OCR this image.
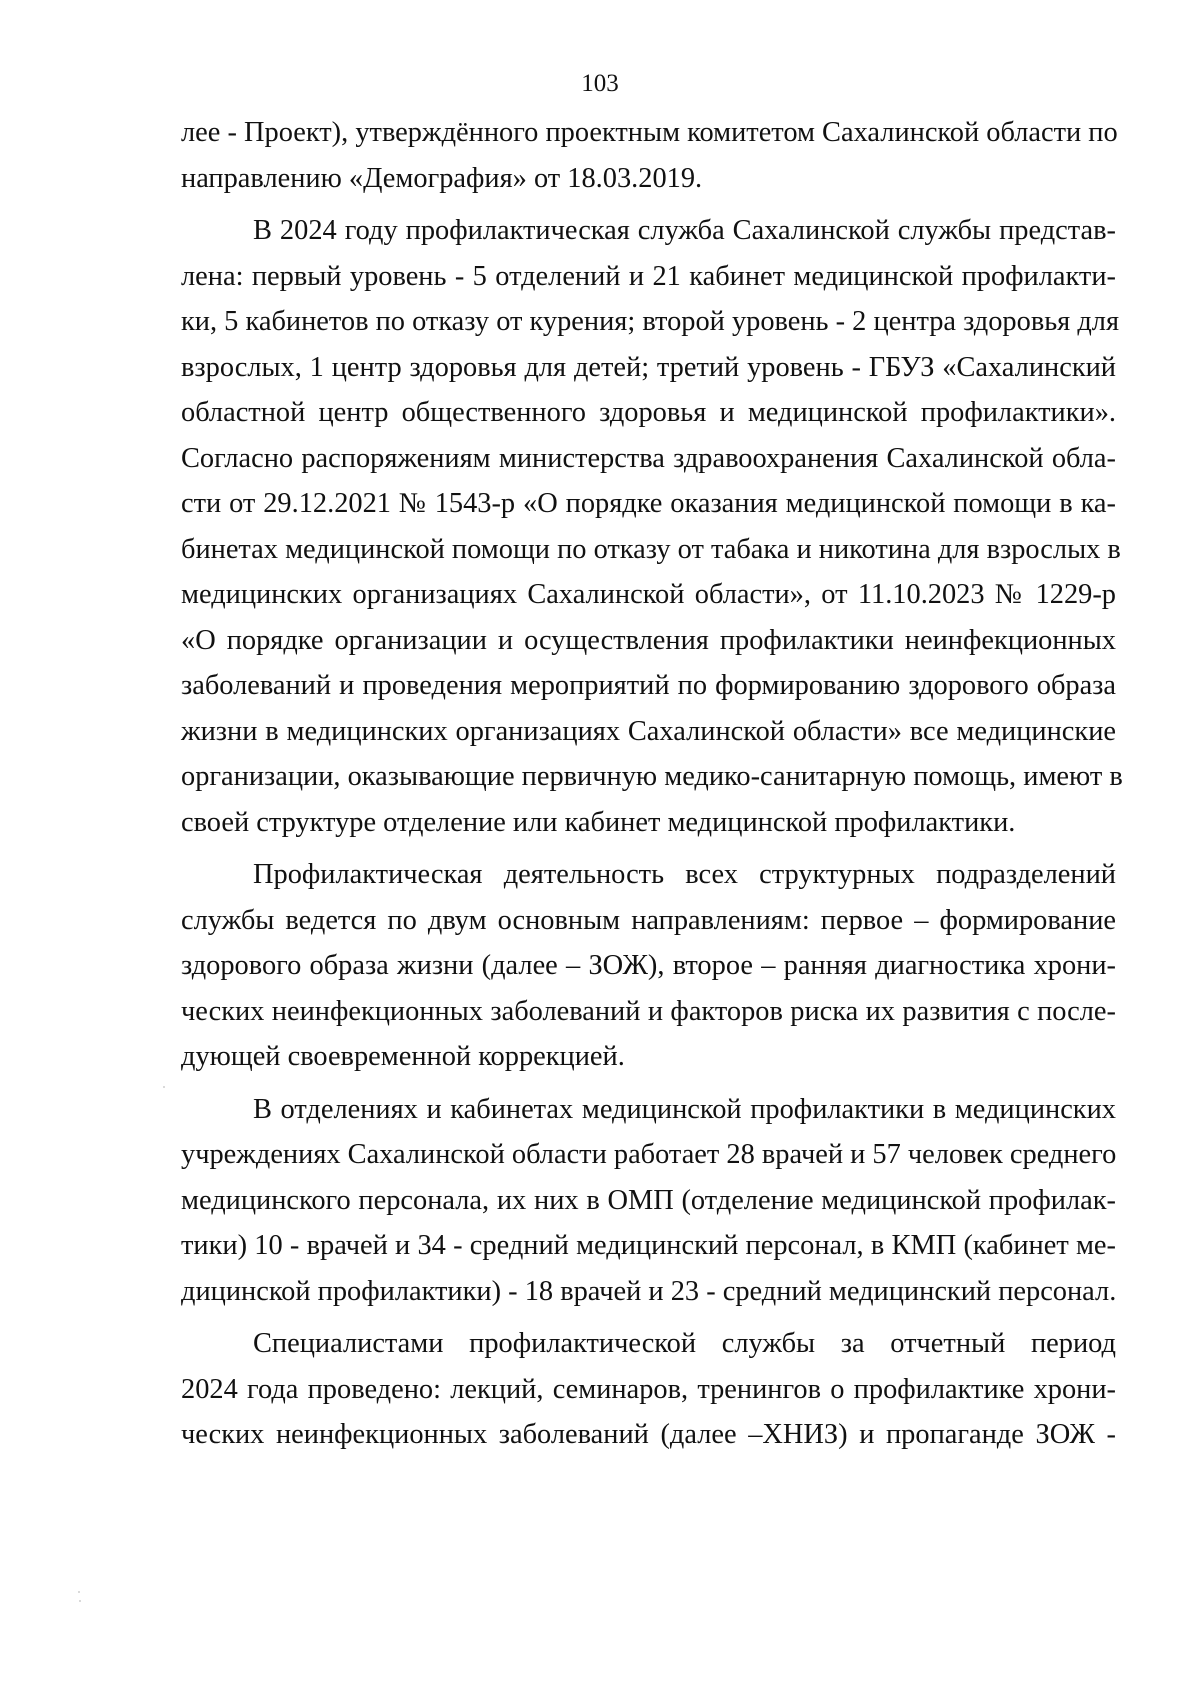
103
лее - Проект), утверждённого проектным комитетом Сахалинской области по
направлению «Демография» от 18.03.2019.
В 2024 году профилактическая служба Сахалинской службы представ-
лена: первый уровень - 5 отделений и 21 кабинет медицинской профилакти-
ки, 5 кабинетов по отказу от курения; второй уровень - 2 центра здоровья для
взрослых, 1 центр здоровья для детей; третий уровень - ГБУЗ «Сахалинский
областной центр общественного здоровья и медицинской профилактики».
Согласно распоряжениям министерства здравоохранения Сахалинской обла-
сти от 29.12.2021 № 1543-р «О порядке оказания медицинской помощи в ка-
бинетах медицинской помощи по отказу от табака и никотина для взрослых в
медицинских организациях Сахалинской области», от 11.10.2023 № 1229-р
«О порядке организации и осуществления профилактики неинфекционных
заболеваний и проведения мероприятий по формированию здорового образа
жизни в медицинских организациях Сахалинской области» все медицинские
организации, оказывающие первичную медико-санитарную помощь, имеют в
своей структуре отделение или кабинет медицинской профилактики.
Профилактическая деятельность всех структурных подразделений
службы ведется по двум основным направлениям: первое – формирование
здорового образа жизни (далее – ЗОЖ), второе – ранняя диагностика хрони-
ческих неинфекционных заболеваний и факторов риска их развития с после-
дующей своевременной коррекцией.
В отделениях и кабинетах медицинской профилактики в медицинских
учреждениях Сахалинской области работает 28 врачей и 57 человек среднего
медицинского персонала, их них в ОМП (отделение медицинской профилак-
тики) 10 - врачей и 34 - средний медицинский персонал, в КМП (кабинет ме-
дицинской профилактики) - 18 врачей и 23 - средний медицинский персонал.
Специалистами профилактической службы за отчетный период
2024 года проведено: лекций, семинаров, тренингов о профилактике хрони-
ческих неинфекционных заболеваний (далее –ХНИЗ) и пропаганде ЗОЖ -
